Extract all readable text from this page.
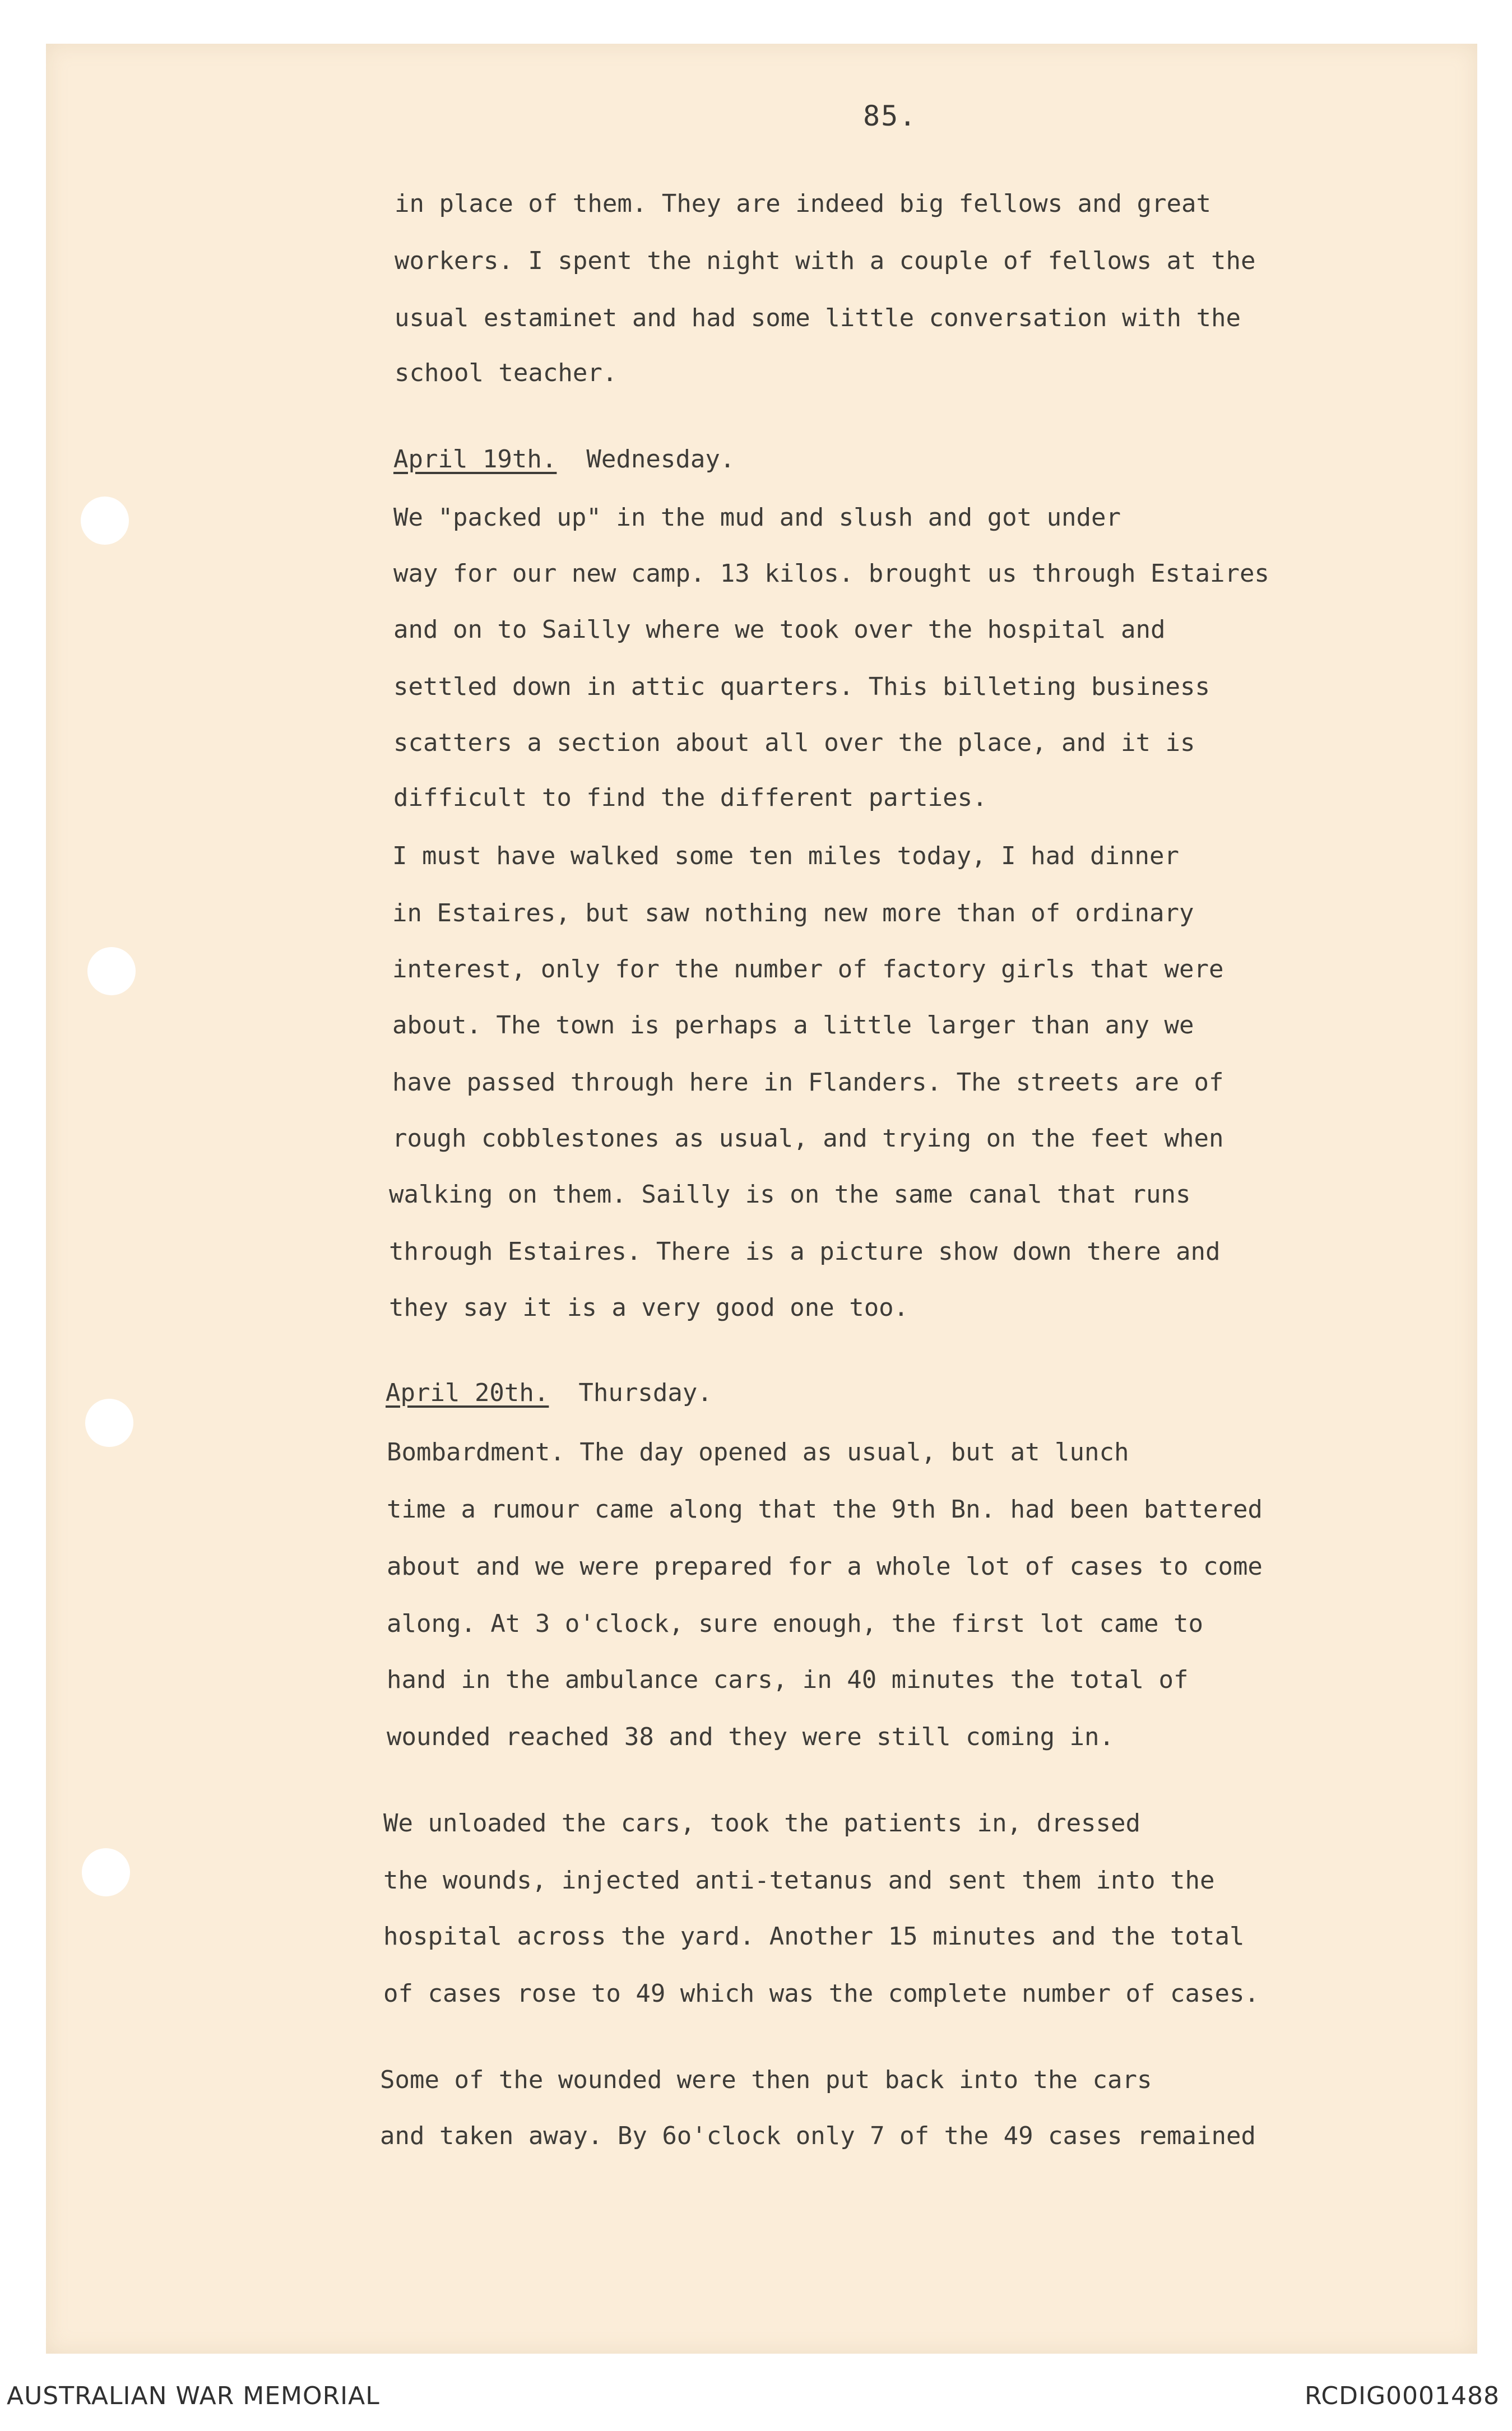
85.
in place of them. They are indeed big fellows and great
workers. I spent the night with a couple of fellows at the
usual estaminet and had some little conversation with the
school teacher.
April 19th. Wednesday.
We "packed up" in the mud and slush and got under
way for our new camp. 13 kilos. brought us through Estaires
and on to Sailly where we took over the hospital and
settled down in attic quarters. This billeting business
scatters a section about all over the place, and it is
difficult to find the different parties.
I must have walked some ten miles today, I had dinner
in Estaires, but saw nothing new more than of ordinary
interest, only for the number of factory girls that were
about. The town is perhaps a little larger than any we
have passed through here in Flanders. The streets are of
rough cobblestones as usual, and trying on the feet when
walking on them. Sailly is on the same canal that runs
through Estaires. There is a picture show down there and
they say it is a very good one too.
April 20th. Thursday.
Bombardment. The day opened as usual, but at lunch
time a rumour came along that the 9th Bn. had been battered
about and we were prepared for a whole lot of cases to come
along. At 3 o'clock, sure enough, the first lot came to
hand in the ambulance cars, in 40 minutes the total of
wounded reached 38 and they were still coming in.
We unloaded the cars, took the patients in, dressed
the wounds, injected anti-tetanus and sent them into the
hospital across the yard. Another 15 minutes and the total
of cases rose to 49 which was the complete number of cases.
Some of the wounded were then put back into the cars
and taken away. By 6o'clock only 7 of the 49 cases remained
AUSTRALIAN WAR MEMORIAL	RCDIG0001488
